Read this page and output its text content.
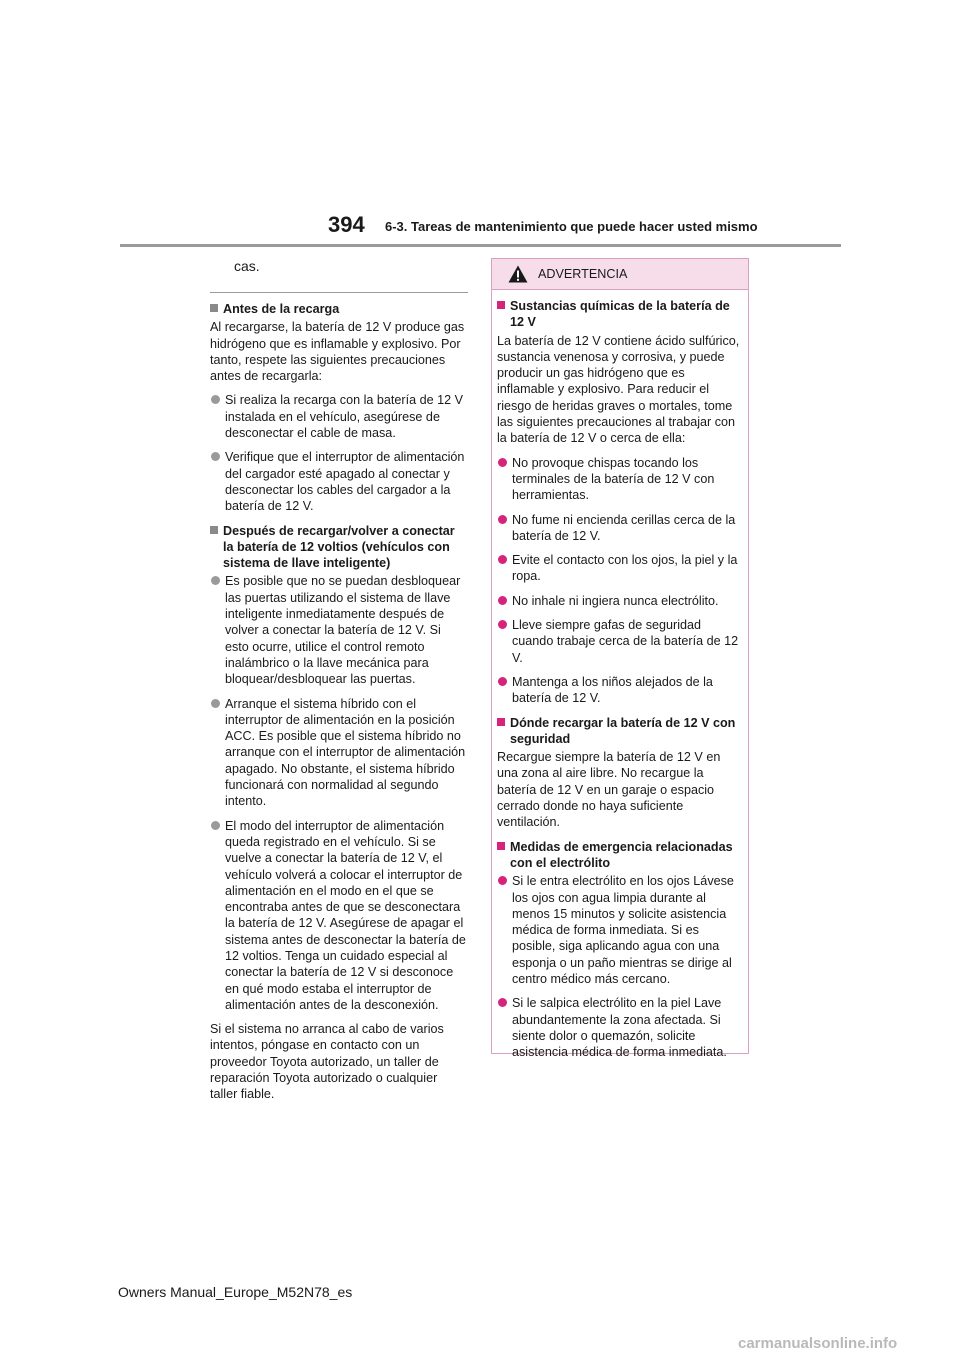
394 6-3. Tareas de mantenimiento que puede hacer usted mismo
cas.
Antes de la recarga
Al recargarse, la batería de 12 V produce gas hidrógeno que es inflamable y explosivo. Por tanto, respete las siguientes precauciones antes de recargarla:
Si realiza la recarga con la batería de 12 V instalada en el vehículo, asegúrese de desconectar el cable de masa.
Verifique que el interruptor de alimentación del cargador esté apagado al conectar y desconectar los cables del cargador a la batería de 12 V.
Después de recargar/volver a conectar la batería de 12 voltios (vehículos con sistema de llave inteligente)
Es posible que no se puedan desbloquear las puertas utilizando el sistema de llave inteligente inmediatamente después de volver a conectar la batería de 12 V. Si esto ocurre, utilice el control remoto inalámbrico o la llave mecánica para bloquear/desbloquear las puertas.
Arranque el sistema híbrido con el interruptor de alimentación en la posición ACC. Es posible que el sistema híbrido no arranque con el interruptor de alimentación apagado. No obstante, el sistema híbrido funcionará con normalidad al segundo intento.
El modo del interruptor de alimentación queda registrado en el vehículo. Si se vuelve a conectar la batería de 12 V, el vehículo volverá a colocar el interruptor de alimentación en el modo en el que se encontraba antes de que se desconectara la batería de 12 V. Asegúrese de apagar el sistema antes de desconectar la batería de 12 voltios. Tenga un cuidado especial al conectar la batería de 12 V si desconoce en qué modo estaba el interruptor de alimentación antes de la desconexión.
Si el sistema no arranca al cabo de varios intentos, póngase en contacto con un proveedor Toyota autorizado, un taller de reparación Toyota autorizado o cualquier taller fiable.
ADVERTENCIA
Sustancias químicas de la batería de 12 V
La batería de 12 V contiene ácido sulfúrico, sustancia venenosa y corrosiva, y puede producir un gas hidrógeno que es inflamable y explosivo. Para reducir el riesgo de heridas graves o mortales, tome las siguientes precauciones al trabajar con la batería de 12 V o cerca de ella:
No provoque chispas tocando los terminales de la batería de 12 V con herramientas.
No fume ni encienda cerillas cerca de la batería de 12 V.
Evite el contacto con los ojos, la piel y la ropa.
No inhale ni ingiera nunca electrólito.
Lleve siempre gafas de seguridad cuando trabaje cerca de la batería de 12 V.
Mantenga a los niños alejados de la batería de 12 V.
Dónde recargar la batería de 12 V con seguridad
Recargue siempre la batería de 12 V en una zona al aire libre. No recargue la batería de 12 V en un garaje o espacio cerrado donde no haya suficiente ventilación.
Medidas de emergencia relacionadas con el electrólito
Si le entra electrólito en los ojos Lávese los ojos con agua limpia durante al menos 15 minutos y solicite asistencia médica de forma inmediata. Si es posible, siga aplicando agua con una esponja o un paño mientras se dirige al centro médico más cercano.
Si le salpica electrólito en la piel Lave abundantemente la zona afectada. Si siente dolor o quemazón, solicite asistencia médica de forma inmediata.
Owners Manual_Europe_M52N78_es
carmanualsonline.info
